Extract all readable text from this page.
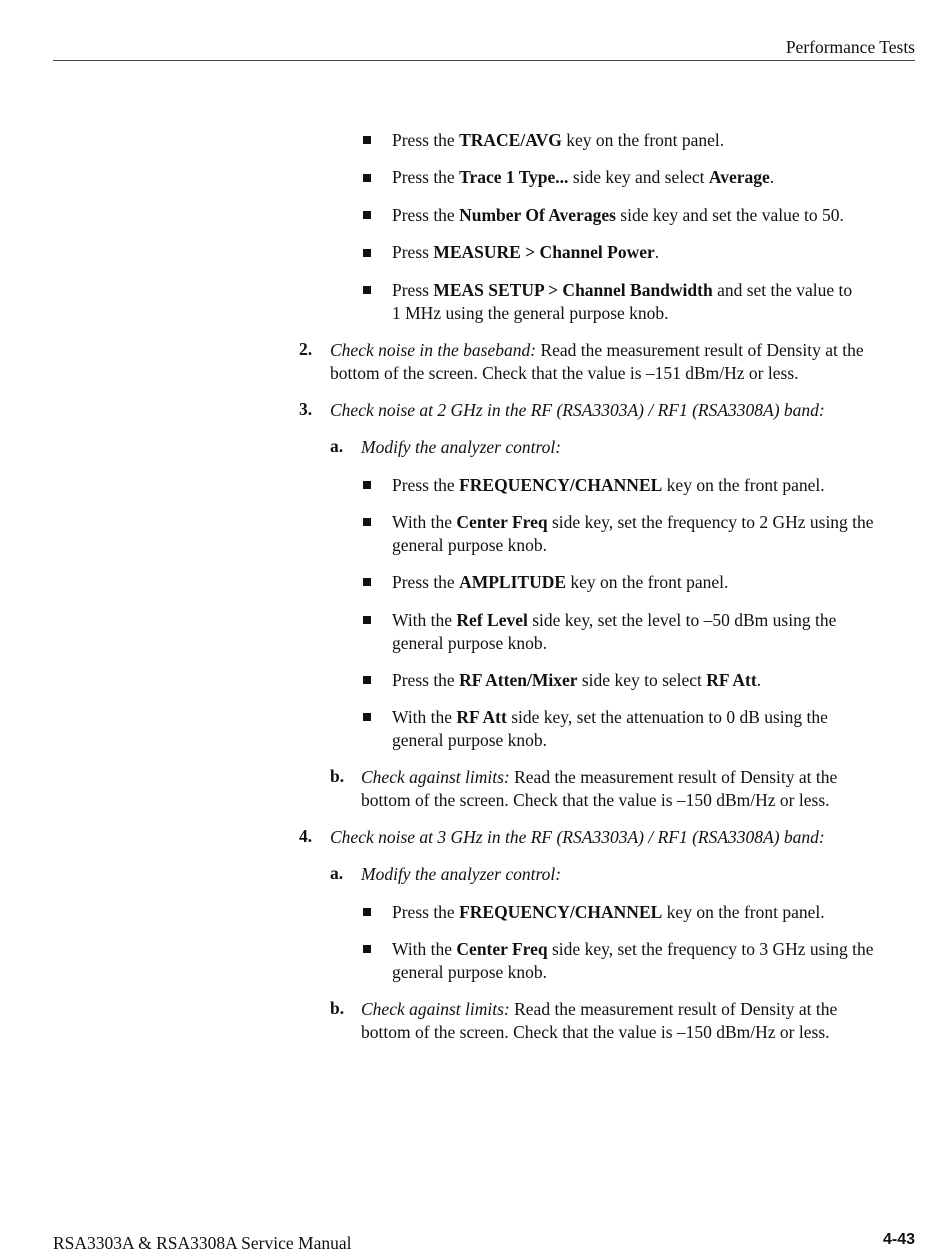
Performance Tests
Press the TRACE/AVG key on the front panel.
Press the Trace 1 Type... side key and select Average.
Press the Number Of Averages side key and set the value to 50.
Press MEASURE > Channel Power.
Press MEAS SETUP > Channel Bandwidth and set the value to
1 MHz using the general purpose knob.
2. Check noise in the baseband: Read the measurement result of Density at the
bottom of the screen. Check that the value is –151 dBm/Hz or less.
3. Check noise at 2 GHz in the RF (RSA3303A) / RF1 (RSA3308A) band:
a. Modify the analyzer control:
Press the FREQUENCY/CHANNEL key on the front panel.
With the Center Freq side key, set the frequency to 2 GHz using the
general purpose knob.
Press the AMPLITUDE key on the front panel.
With the Ref Level side key, set the level to –50 dBm using the
general purpose knob.
Press the RF Atten/Mixer side key to select RF Att.
With the RF Att side key, set the attenuation to 0 dB using the
general purpose knob.
b. Check against limits: Read the measurement result of Density at the
bottom of the screen. Check that the value is –150 dBm/Hz or less.
4. Check noise at 3 GHz in the RF (RSA3303A) / RF1 (RSA3308A) band:
a. Modify the analyzer control:
Press the FREQUENCY/CHANNEL key on the front panel.
With the Center Freq side key, set the frequency to 3 GHz using the
general purpose knob.
b. Check against limits: Read the measurement result of Density at the
bottom of the screen. Check that the value is –150 dBm/Hz or less.
RSA3303A & RSA3308A Service Manual	4-43
